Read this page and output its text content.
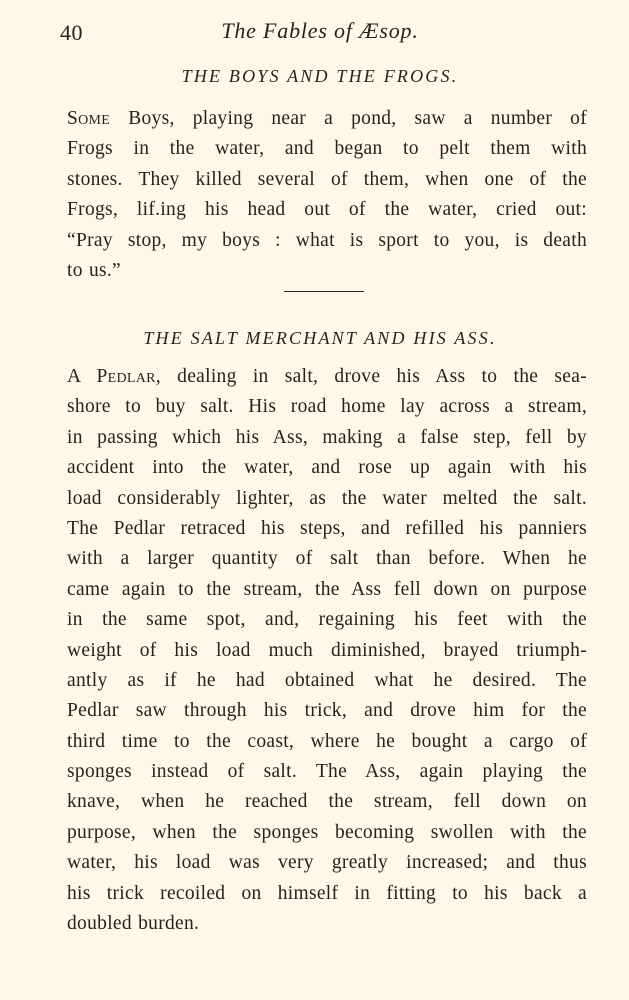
40	The Fables of Æsop.
THE BOYS AND THE FROGS.
Some Boys, playing near a pond, saw a number of
Frogs in the water, and began to pelt them with
stones. They killed several of them, when one of the
Frogs, lif.ing his head out of the water, cried out:
“Pray stop, my boys : what is sport to you, is death
to us.”
THE SALT MERCHANT AND HIS ASS.
A Pedlar, dealing in salt, drove his Ass to the sea-
shore to buy salt. His road home lay across a stream,
in passing which his Ass, making a false step, fell by
accident into the water, and rose up again with his
load considerably lighter, as the water melted the salt.
The Pedlar retraced his steps, and refilled his panniers
with a larger quantity of salt than before. When he
came again to the stream, the Ass fell down on purpose
in the same spot, and, regaining his feet with the
weight of his load much diminished, brayed triumph-
antly as if he had obtained what he desired. The
Pedlar saw through his trick, and drove him for the
third time to the coast, where he bought a cargo of
sponges instead of salt. The Ass, again playing the
knave, when he reached the stream, fell down on
purpose, when the sponges becoming swollen with the
water, his load was very greatly increased; and thus
his trick recoiled on himself in fitting to his back a
doubled burden.
